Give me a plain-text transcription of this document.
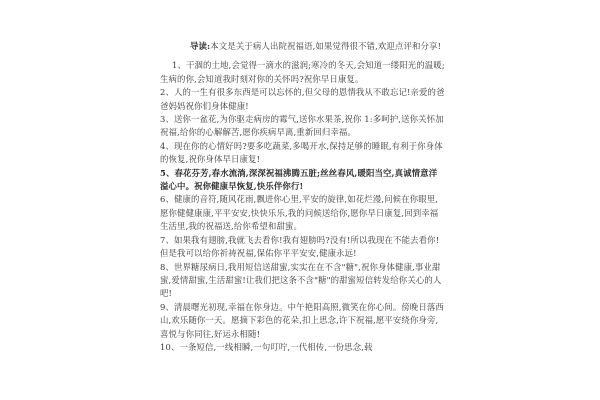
导读:本文是关于病人出院祝福语,如果觉得很不错,欢迎点评和分享!

1、干涸的土地,会觉得一滴水的滋润;寒冷的冬天,会知道一缕阳光的温暖;生病的你,会知道我时刻对你的关怀吗?祝你早日康复。

2、人的一生有很多东西是可以忘怀的,但父母的恩情我从不敢忘记!亲爱的爸爸妈妈祝你们身体健康!

3、送你一盆花,为你驱走病房的霉气,送你水果茶,祝你 1:多呵护,送你关怀加祝福,给你的心解解苦,愿你疾病早离,重新回归幸福。

4、现在你的心情好吗?要多吃蔬菜,多喝开水,保持足够的睡眠,有利于你身体的恢复,祝你身体早日康复!

5、春花芬芳,春水流淌,深深祝福沸腾五脏;丝丝春风,暖阳当空,真诚情意洋溢心中。祝你健康早恢复,快乐伴你行!

6、健康的音符,随风花雨,飘进你心里,平安的旋律,如花烂漫,问候在你眼里,愿你健健康康,平平安安,快快乐乐,我的问候送给你,愿你早日康复,回到幸福生活里,我的祝福送,给你希望和甜蜜。

7、如果我有翅膀,我就飞去看你!我有翅膀吗?没有!所以我现在不能去看你!但是我可以给你祈祷祝福,保佑你平平安安,健康永远!

8、世界糖尿病日,我用短信送甜蜜,实实在在不含"糖",祝你身体健康,事业甜蜜,爱情甜蜜,生活甜蜜!让我们把这条不含"糖"的甜蜜短信转发给你关心的人吧!

9、清晨曙光初现,幸福在你身边。中午艳阳高照,微笑在你心间。傍晚日落西山,欢乐随你一天。愿摘下彩色的花朵,扣上思念,许下祝福,愿平安绕你身旁,喜悦与你同往,好运永相随!

10、一条短信,一线相瞬,一句叮咛,一代相传,一份思念,载
